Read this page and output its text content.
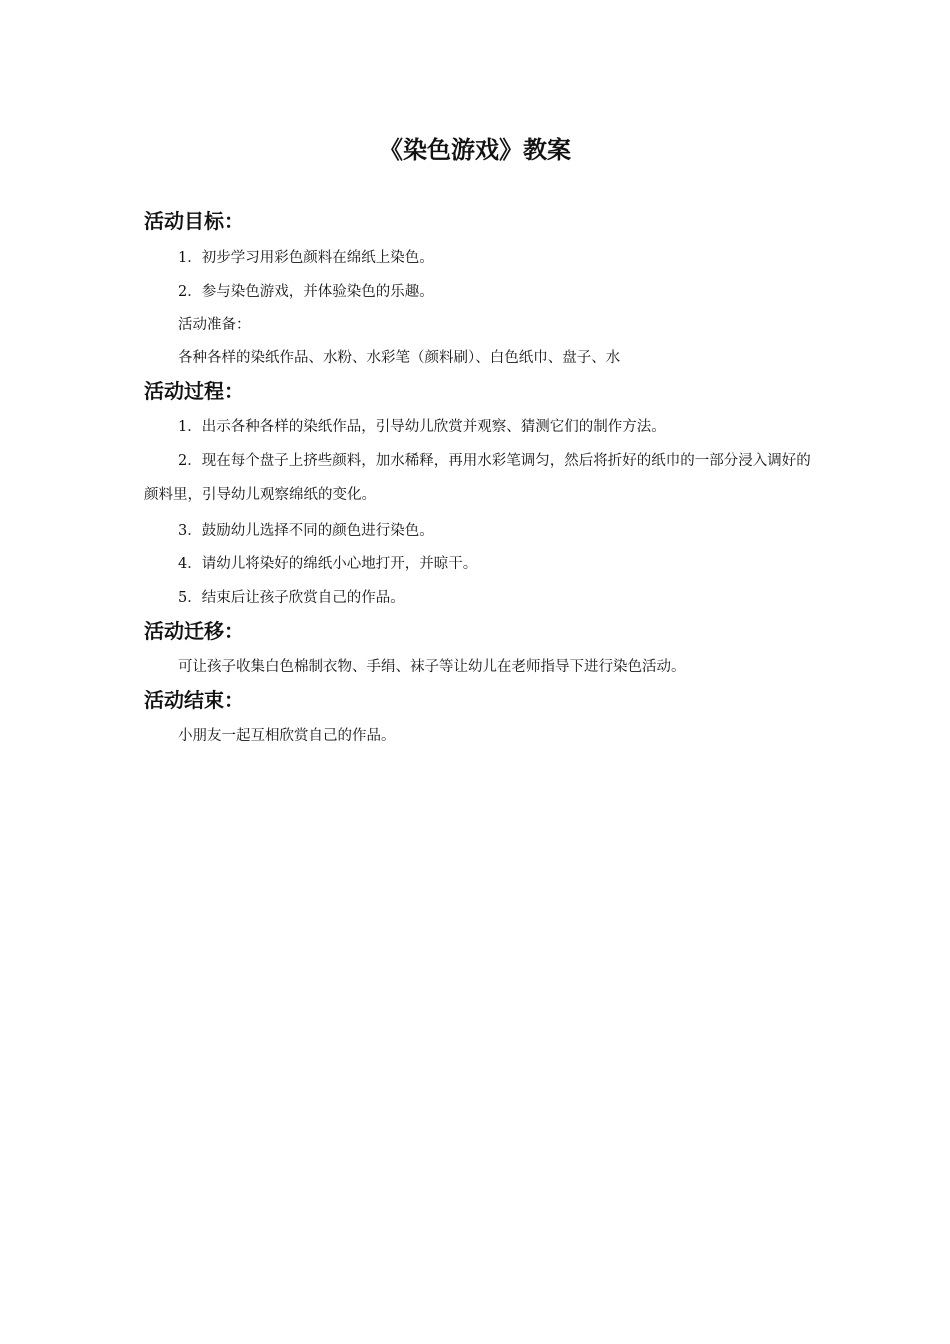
《染色游戏》教案
活动目标：

1．初步学习用彩色颜料在绵纸上染色。

2．参与染色游戏，并体验染色的乐趣。

活动准备：

各种各样的染纸作品、水粉、水彩笔（颜料刷）、白色纸巾、盘子、水

活动过程：

1．出示各种各样的染纸作品，引导幼儿欣赏并观察、猜测它们的制作方法。

2．现在每个盘子上挤些颜料，加水稀释，再用水彩笔调匀，然后将折好的纸巾的一部分浸入调好的颜料里，引导幼儿观察绵纸的变化。

3．鼓励幼儿选择不同的颜色进行染色。

4．请幼儿将染好的绵纸小心地打开，并晾干。

5．结束后让孩子欣赏自己的作品。

活动迁移：

可让孩子收集白色棉制衣物、手绢、袜子等让幼儿在老师指导下进行染色活动。

活动结束：

小朋友一起互相欣赏自己的作品。
